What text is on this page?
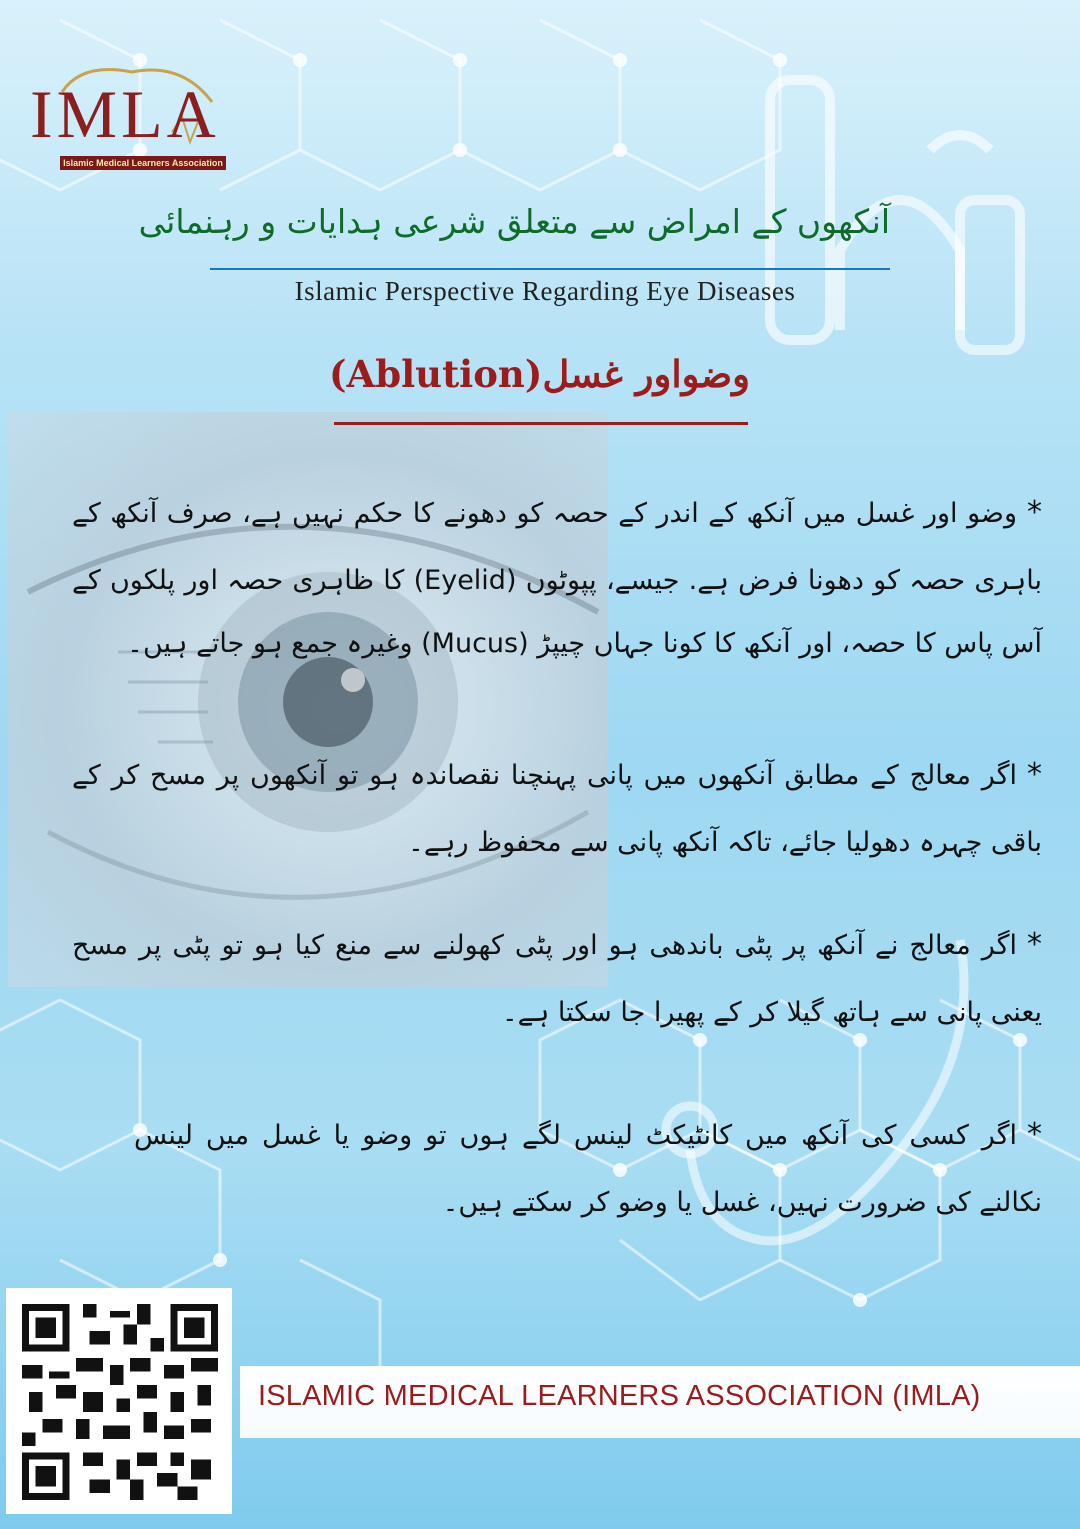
IMLA
Islamic Medical Learners Association
آنکھوں کے امراض سے متعلق شرعی ہدایات و رہنمائی
Islamic Perspective Regarding Eye Diseases
وضواور غسل(Ablution)
*وضو اور غسل میں آنکھ کے اندر کے حصہ کو دھونے کا حکم نہیں ہے، صرف آنکھ کے باہری حصہ کو دھونا فرض ہے. جیسے، پپوٹوں (Eyelid) کا ظاہری حصہ اور پلکوں کے آس پاس کا حصہ، اور آنکھ کا کونا جہاں چیپڑ (Mucus) وغیرہ جمع ہو جاتے ہیں۔
*اگر معالج کے مطابق آنکھوں میں پانی پہنچنا نقصاندہ ہو تو آنکھوں پر مسح کر کے باقی چہرہ دھولیا جائے، تاکہ آنکھ پانی سے محفوظ رہے۔
*اگر معالج نے آنکھ پر پٹی باندھی ہو اور پٹی کھولنے سے منع کیا ہو تو پٹی پر مسح یعنی پانی سے ہاتھ گیلا کر کے پھیرا جا سکتا ہے۔
*اگر کسی کی آنکھ میں کانٹیکٹ لینس لگے ہوں تو وضو یا غسل میں لینس نکالنے کی ضرورت نہیں، غسل یا وضو کر سکتے ہیں۔
ISLAMIC MEDICAL LEARNERS ASSOCIATION (IMLA)
